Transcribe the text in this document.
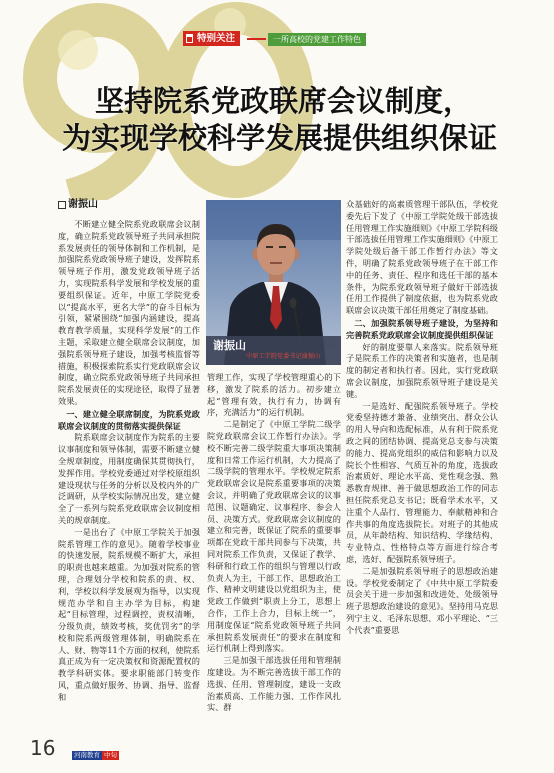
特别关注	一所高校的党建工作特色
坚持院系党政联席会议制度，
为实现学校科学发展提供组织保证
谢振山

不断建立健全院系党政联席会议制度，确立院系党政领导班子共同承担院系发展责任的领导体制和工作机制，是加强院系党政领导班子建设，发挥院系领导班子作用，激发党政领导班子活力，实现院系科学发展和学校发展的重要组织保证。近年，中原工学院党委以“提高水平，更名大学”的奋斗目标为引领，紧紧围绕“加强内涵建设，提高教育教学质量，实现科学发展”的工作主题，采取建立健全联席会议制度，加强院系领导班子建设，加强考核监督等措施，积极探索院系实行党政联席会议制度，确立院系党政领导班子共同承担院系发展责任的实现途径，取得了显著效果。

一、建立健全联席制度，为院系党政联席会议制度的贯彻落实提供保证

院系联席会议制度作为院系的主要议事制度和领导体制，需要不断建立健全规章制度，用制度确保其贯彻执行，发挥作用。学校党委通过对学校原组织建设现状与任务的分析以及校内外的广泛调研，从学校实际情况出发，建立健全了一系列与院系党政联席会议制度相关的规章制度。

一是出台了《中原工学院关于加强院系管理工作的意见》。随着学校事业的快速发展，院系规模不断扩大，承担的职责也越来越重。为加强对院系的管理，合理划分学校和院系的责、权、利，学校以科学发展观为指导，以实现规范办学和自主办学为目标，构建起“目标管理，过程调控，责权清晰，分级负责，绩效考核，奖优罚劣”的学校和院系两级管理体制，明确院系在人、财、物等11个方面的权利，使院系真正成为有一定决策权和资源配置权的教学科研实体。要求职能部门转变作风，重点做好服务、协调、指导、监督和

谢振山
中原工学院党委书记谢振山

管理工作，实现了学校管理重心的下移，激发了院系的活力。初步建立起“管理有效，执行有力，协调有序，充满活力”的运行机制。

二是制定了《中原工学院二级学院党政联席会议工作暂行办法》。学校不断完善二级学院重大事项决策制度和日常工作运行机制，大力提高了二级学院的管理水平。学校规定院系党政联席会议是院系重要事项的决策会议，并明确了党政联席会议的议事范围、议题确定、议事程序、参会人员、决策方式。党政联席会议制度的建立和完善，既保证了院系的重要事项都在党政干部共同参与下决策，共同对院系工作负责，又保证了教学、科研和行政工作的组织与管理以行政负责人为主，干部工作、思想政治工作、精神文明建设以党组织为主，使党政工作做到“职责上分工，思想上合作，工作上合力，目标上统一”，用制度保证“院系党政领导班子共同承担院系发展责任”的要求在制度和运行机制上得到落实。

三是加强干部选拔任用和管理制度建设。为不断完善选拔干部工作的选拔、任用、管理制度，建设一支政治素质高、工作能力强、工作作风扎实、群

众基础好的高素质管理干部队伍，学校党委先后下发了《中原工学院处级干部选拔任用管理工作实施细则》《中原工学院科级干部选拔任用管理工作实施细则》《中原工学院处级后备干部工作暂行办法》等文件，明确了院系党政领导班子在干部工作中的任务、责任、程序和选任干部的基本条件，为院系党政领导班子做好干部选拔任用工作提供了制度依据，也为院系党政联席会议决策干部任用奠定了制度基础。

二、加强院系领导班子建设，为坚持和完善院系党政联席会议制度提供组织保证

好的制度要靠人来落实。院系领导班子是院系工作的决策者和实施者，也是制度的制定者和执行者。因此，实行党政联席会议制度，加强院系领导班子建设是关键。

一是选好、配强院系领导班子。学校党委坚持德才兼备、业绩突出、群众公认的用人导向和选配标准，从有利于院系党政之间的团结协调、提高党总支参与决策的能力、提高党组织的威信和影响力以及院长个性相容、气质互补的角度，选拔政治素质好、理论水平高、党性观念强、熟悉教育规律、善于做思想政治工作的同志担任院系党总支书记；既看学术水平，又注重个人品行、管理能力、奉献精神和合作共事的角度选拔院长。对班子的其他成员，从年龄结构、知识结构、学缘结构、专业特点、性格特点等方面进行综合考虑，选好、配强院系领导班子。

二是加强院系领导班子的思想政治建设。学校党委制定了《中共中原工学院委员会关于进一步加强和改进处、处级领导班子思想政治建设的意见》。坚持用马克思列宁主义、毛泽东思想、邓小平理论、“三个代表”重要思

16	河南教育 中旬
